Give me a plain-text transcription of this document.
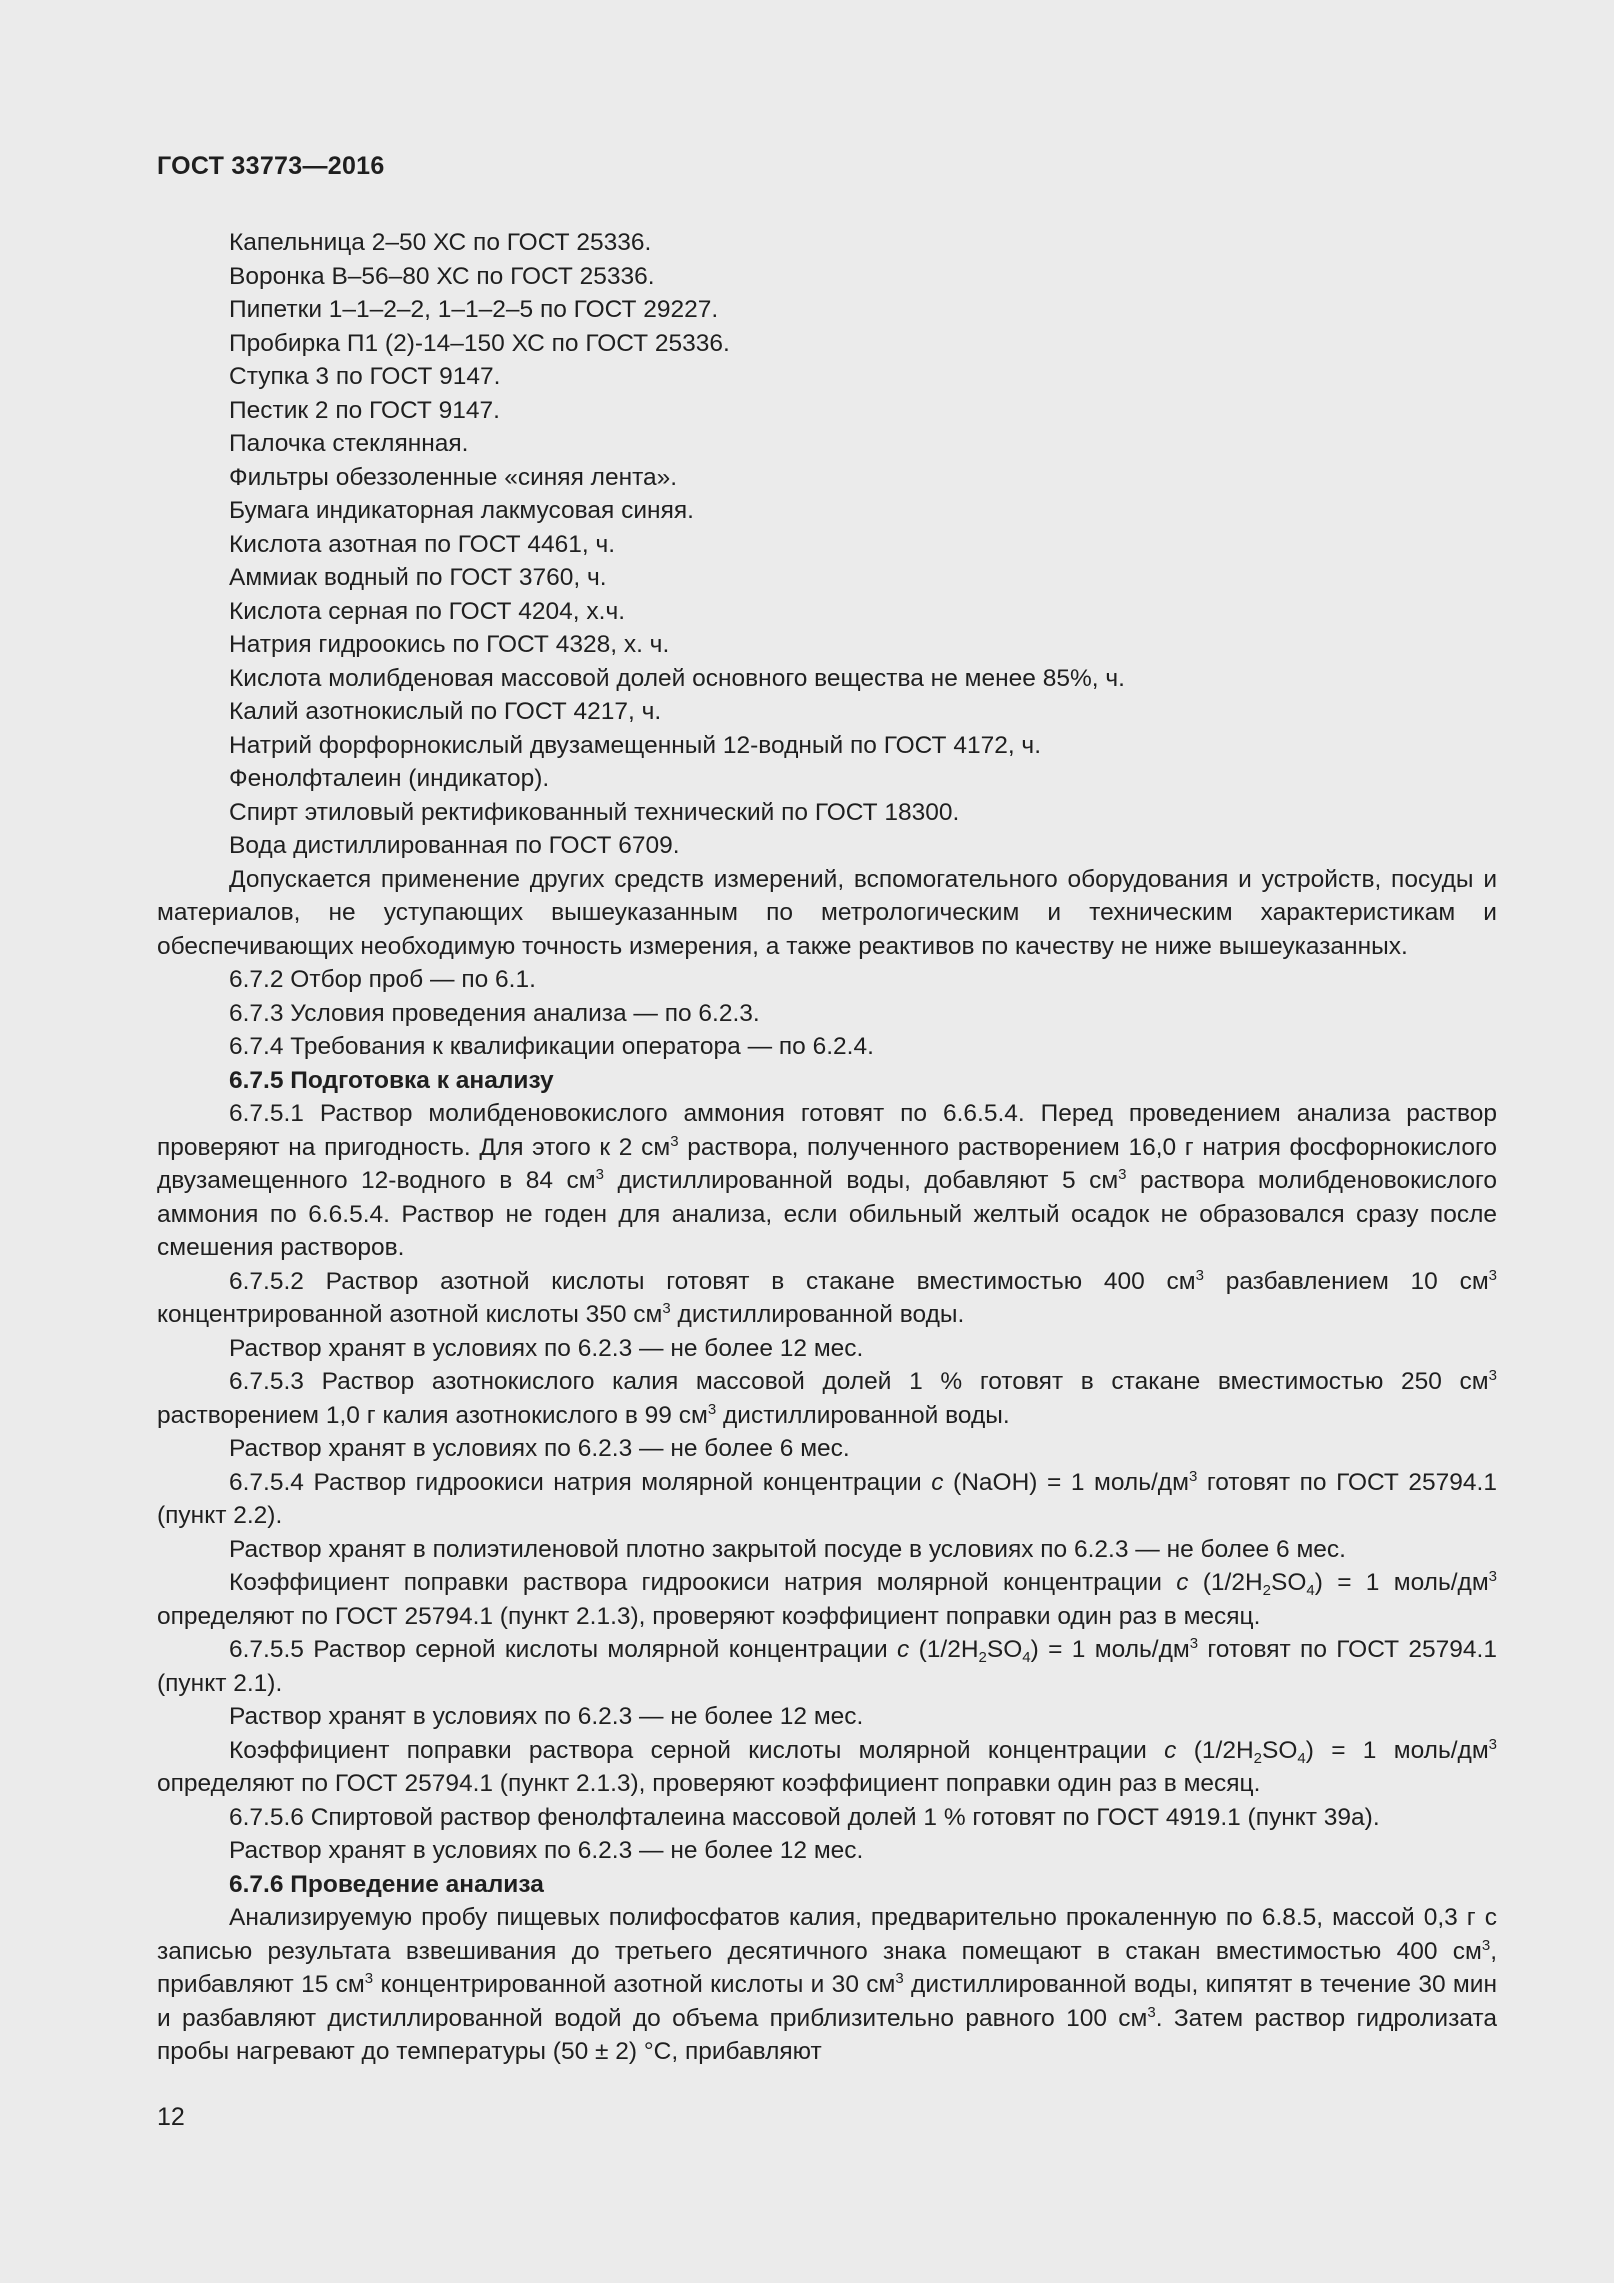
ГОСТ 33773—2016
Капельница 2–50 ХС по ГОСТ 25336.
Воронка В–56–80 ХС по ГОСТ 25336.
Пипетки 1–1–2–2, 1–1–2–5 по ГОСТ 29227.
Пробирка П1 (2)-14–150 ХС по ГОСТ 25336.
Ступка 3 по ГОСТ 9147.
Пестик 2 по ГОСТ 9147.
Палочка стеклянная.
Фильтры обеззоленные «синяя лента».
Бумага индикаторная лакмусовая синяя.
Кислота азотная по ГОСТ 4461, ч.
Аммиак водный по ГОСТ 3760, ч.
Кислота серная по ГОСТ 4204, х.ч.
Натрия гидроокись по ГОСТ 4328, х. ч.
Кислота молибденовая массовой долей основного вещества не менее 85%, ч.
Калий азотнокислый по ГОСТ 4217, ч.
Натрий форфорнокислый двузамещенный 12-водный по ГОСТ 4172, ч.
Фенолфталеин (индикатор).
Спирт этиловый ректификованный технический по ГОСТ 18300.
Вода дистиллированная по ГОСТ 6709.

Допускается применение других средств измерений, вспомогательного оборудования и устройств, посуды и материалов, не уступающих вышеуказанным по метрологическим и техническим характеристикам и обеспечивающих необходимую точность измерения, а также реактивов по качеству не ниже вышеуказанных.

6.7.2 Отбор проб — по 6.1.
6.7.3 Условия проведения анализа — по 6.2.3.
6.7.4 Требования к квалификации оператора — по 6.2.4.
6.7.5 Подготовка к анализу

6.7.5.1 Раствор молибденовокислого аммония готовят по 6.6.5.4. Перед проведением анализа раствор проверяют на пригодность. Для этого к 2 $см^3$ раствора, полученного растворением 16,0 г натрия фосфорнокислого двузамещенного 12-водного в 84 $см^3$ дистиллированной воды, добавляют 5 $см^3$ раствора молибденовокислого аммония по 6.6.5.4. Раствор не годен для анализа, если обильный желтый осадок не образовался сразу после смешения растворов.

6.7.5.2 Раствор азотной кислоты готовят в стакане вместимостью 400 $см^3$ разбавлением 10 $см^3$ концентрированной азотной кислоты 350 $см^3$ дистиллированной воды.

Раствор хранят в условиях по 6.2.3 — не более 12 мес.

6.7.5.3 Раствор азотнокислого калия массовой долей 1 % готовят в стакане вместимостью 250 $см^3$ растворением 1,0 г калия азотнокислого в 99 $см^3$ дистиллированной воды.

Раствор хранят в условиях по 6.2.3 — не более 6 мес.

6.7.5.4 Раствор гидроокиси натрия молярной концентрации с (NaOH) = 1 моль/$дм^3$ готовят по ГОСТ 25794.1 (пункт 2.2).

Раствор хранят в полиэтиленовой плотно закрытой посуде в условиях по 6.2.3 — не более 6 мес.

Коэффициент поправки раствора гидроокиси натрия молярной концентрации с $(1/2H_2SO_4) = 1$ моль/$дм^3$ определяют по ГОСТ 25794.1 (пункт 2.1.3), проверяют коэффициент поправки один раз в месяц.

6.7.5.5 Раствор серной кислоты молярной концентрации с $(1/2H_2SO_4) = 1$ моль/$дм^3$ готовят по ГОСТ 25794.1 (пункт 2.1).

Раствор хранят в условиях по 6.2.3 — не более 12 мес.

Коэффициент поправки раствора серной кислоты молярной концентрации с $(1/2H_2SO_4) = 1$ моль/$дм^3$ определяют по ГОСТ 25794.1 (пункт 2.1.3), проверяют коэффициент поправки один раз в месяц.

6.7.5.6 Спиртовой раствор фенолфталеина массовой долей 1 % готовят по ГОСТ 4919.1 (пункт 39а).
Раствор хранят в условиях по 6.2.3 — не более 12 мес.
6.7.6 Проведение анализа

Анализируемую пробу пищевых полифосфатов калия, предварительно прокаленную по 6.8.5, массой 0,3 г с записью результата взвешивания до третьего десятичного знака помещают в стакан вместимостью 400 $см^3$, прибавляют 15 $см^3$ концентрированной азотной кислоты и 30 $см^3$ дистиллированной воды, кипятят в течение 30 мин и разбавляют дистиллированной водой до объема приблизительно равного 100 $см^3$. Затем раствор гидролизата пробы нагревают до температуры (50 ± 2) °С, прибавляют

12
